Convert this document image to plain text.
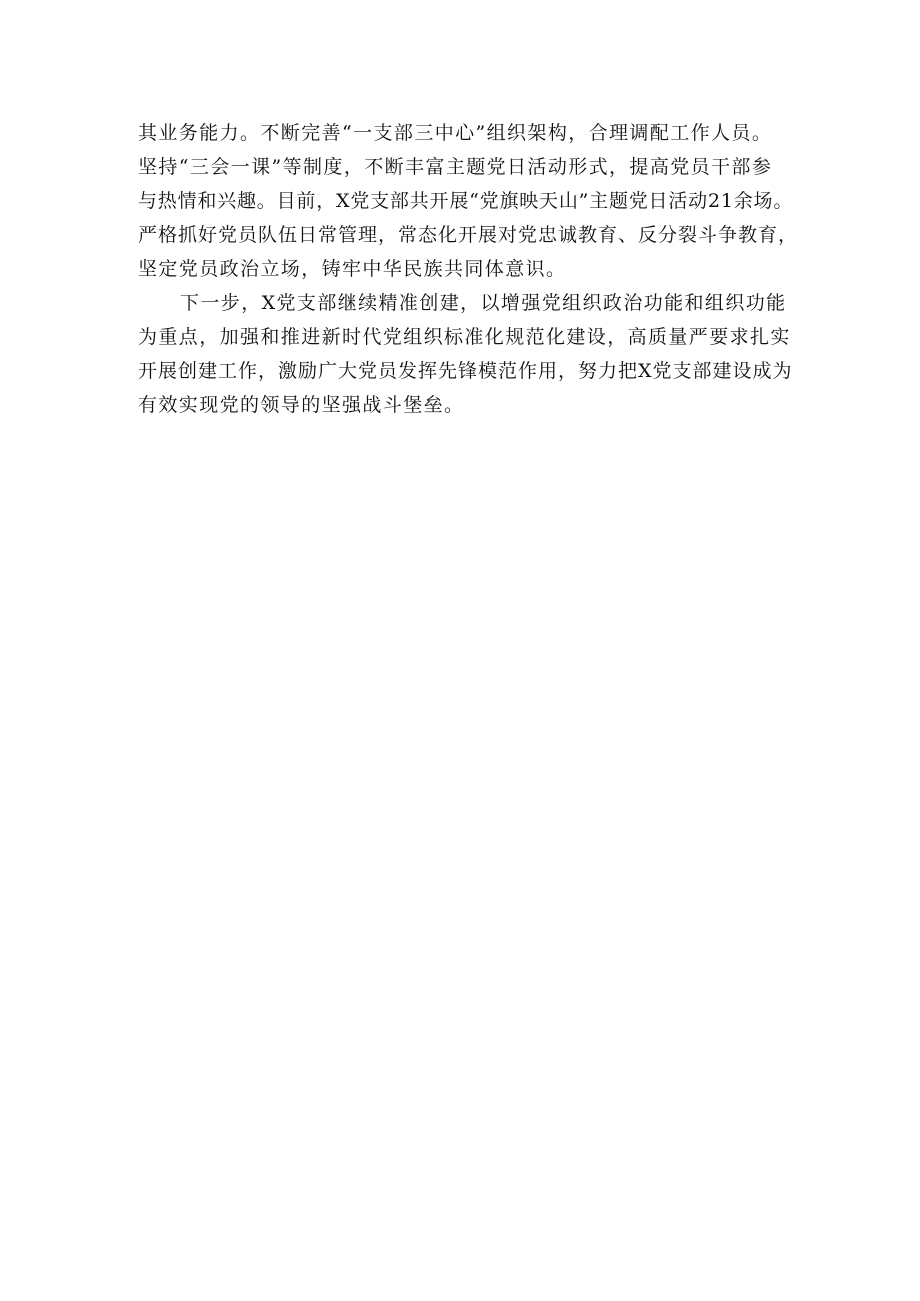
其业务能力。不断完善“一支部三中心”组织架构，合理调配工作人员。
坚持“三会一课”等制度，不断丰富主题党日活动形式，提高党员干部参
与热情和兴趣。目前，X党支部共开展“党旗映天山”主题党日活动21余场。
严格抓好党员队伍日常管理，常态化开展对党忠诚教育、反分裂斗争教育，
坚定党员政治立场，铸牢中华民族共同体意识。
下一步，X党支部继续精准创建，以增强党组织政治功能和组织功能
为重点，加强和推进新时代党组织标准化规范化建设，高质量严要求扎实
开展创建工作，激励广大党员发挥先锋模范作用，努力把X党支部建设成为
有效实现党的领导的坚强战斗堡垒。
